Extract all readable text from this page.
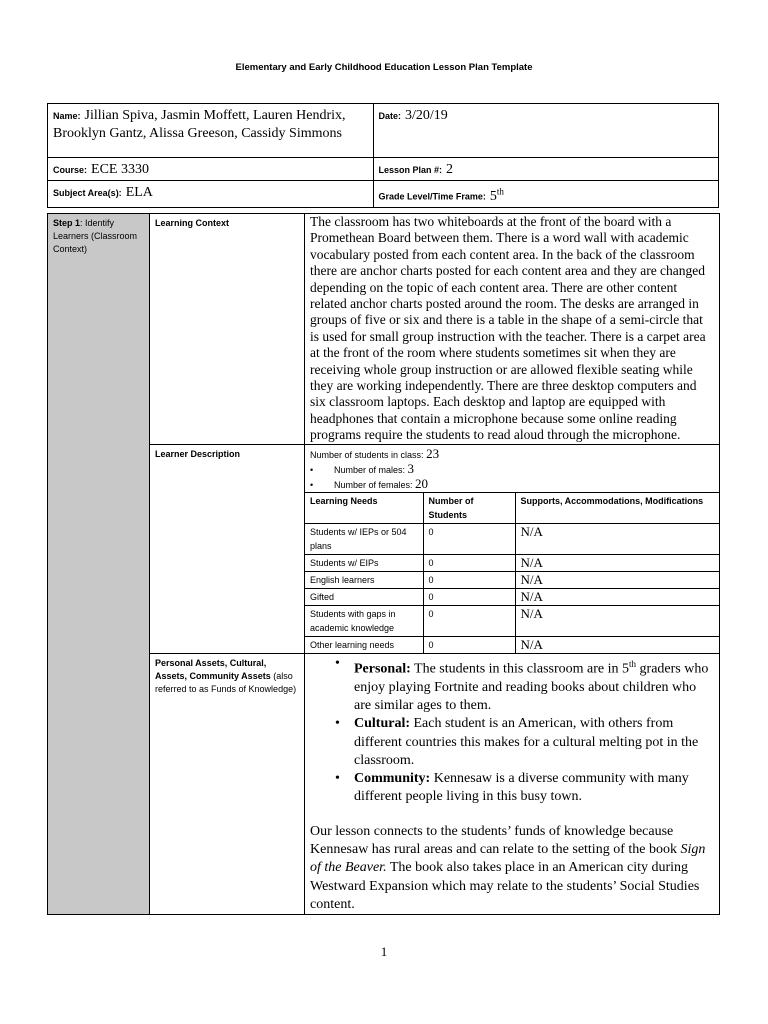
Elementary and Early Childhood Education Lesson Plan Template
Name: Jillian Spiva, Jasmin Moffett, Lauren Hendrix, Brooklyn Gantz, Alissa Greeson, Cassidy Simmons	Date: 3/20/19
Course: ECE 3330	Lesson Plan #: 2
Subject Area(s): ELA	Grade Level/Time Frame: 5th
Step 1: Identify Learners (Classroom Context)
	Learning Context	The classroom has two whiteboards at the front of the board with a Promethean Board between them. There is a word wall with academic vocabulary posted from each content area. In the back of the classroom there are anchor charts posted for each content area and they are changed depending on the topic of each content area. There are other content related anchor charts posted around the room. The desks are arranged in groups of five or six and there is a table in the shape of a semi-circle that is used for small group instruction with the teacher. There is a carpet area at the front of the room where students sometimes sit when they are receiving whole group instruction or are allowed flexible seating while they are working independently. There are three desktop computers and six classroom laptops. Each desktop and laptop are equipped with headphones that contain a microphone because some online reading programs require the students to read aloud through the microphone.
Learner Description	Number of students in class: 23
• Number of males: 3
• Number of females: 20
Learning Needs	Number of Students	Supports, Accommodations, Modifications
Students w/ IEPs or 504 plans	0	N/A
Students w/ EIPs	0	N/A
English learners	0	N/A
Gifted	0	N/A
Students with gaps in academic knowledge	0	N/A
Other learning needs	0	N/A

Personal Assets, Cultural, Assets, Community Assets (also referred to as Funds of Knowledge)	
• Personal: The students in this classroom are in 5th graders who enjoy playing Fortnite and reading books about children who are similar ages to them.
• Cultural: Each student is an American, with others from different countries this makes for a cultural melting pot in the classroom.
• Community: Kennesaw is a diverse community with many different people living in this busy town.

Our lesson connects to the students’ funds of knowledge because Kennesaw has rural areas and can relate to the setting of the book Sign of the Beaver. The book also takes place in an American city during Westward Expansion which may relate to the students’ Social Studies content.

1
